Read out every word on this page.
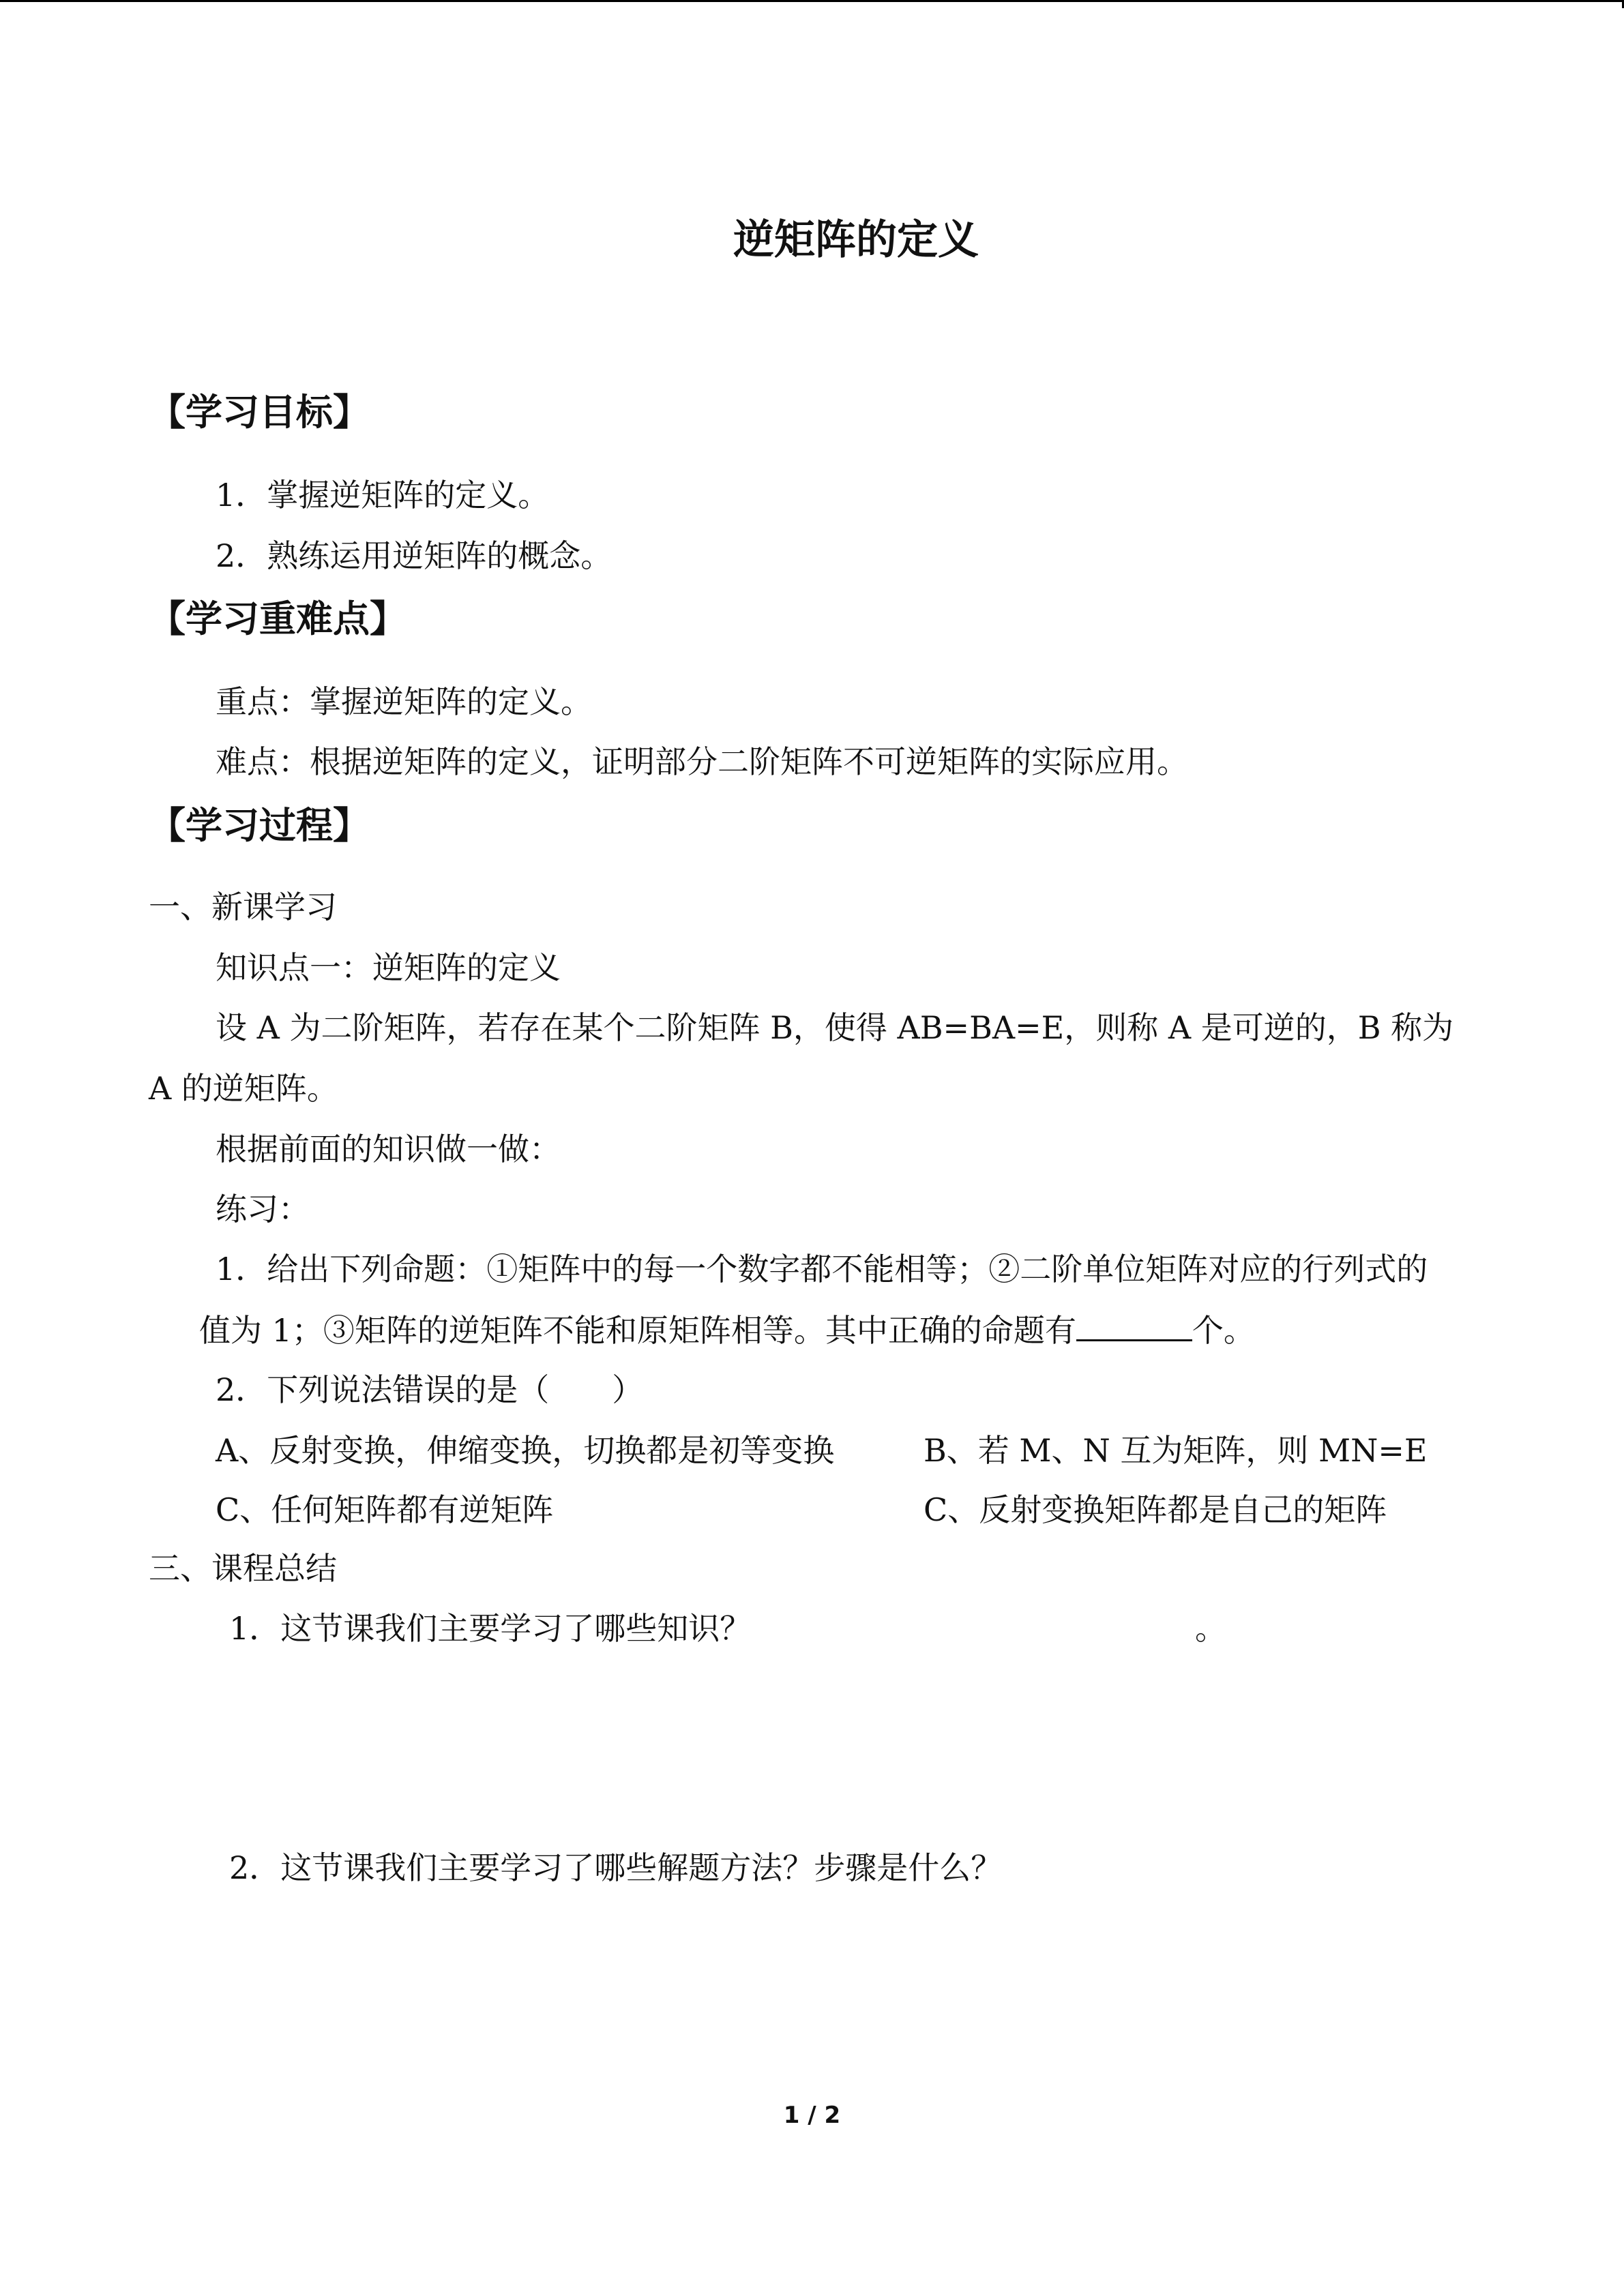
逆矩阵的定义
【学习目标】
1．掌握逆矩阵的定义。
2．熟练运用逆矩阵的概念。
【学习重难点】
重点：掌握逆矩阵的定义。
难点：根据逆矩阵的定义，证明部分二阶矩阵不可逆矩阵的实际应用。
【学习过程】
一、新课学习
知识点一：逆矩阵的定义
设 A 为二阶矩阵，若存在某个二阶矩阵 B，使得 AB=BA=E，则称 A 是可逆的，B 称为
A 的逆矩阵。
根据前面的知识做一做：
练习：
1．给出下列命题：①矩阵中的每一个数字都不能相等；②二阶单位矩阵对应的行列式的
值为 1；③矩阵的逆矩阵不能和原矩阵相等。其中正确的命题有	个。
2．下列说法错误的是（　　）
A、反射变换，伸缩变换，切换都是初等变换	B、若 M、N 互为矩阵，则 MN=E
C、任何矩阵都有逆矩阵	C、反射变换矩阵都是自己的矩阵
三、课程总结
1．这节课我们主要学习了哪些知识？	。
2．这节课我们主要学习了哪些解题方法？步骤是什么？
1 / 2
